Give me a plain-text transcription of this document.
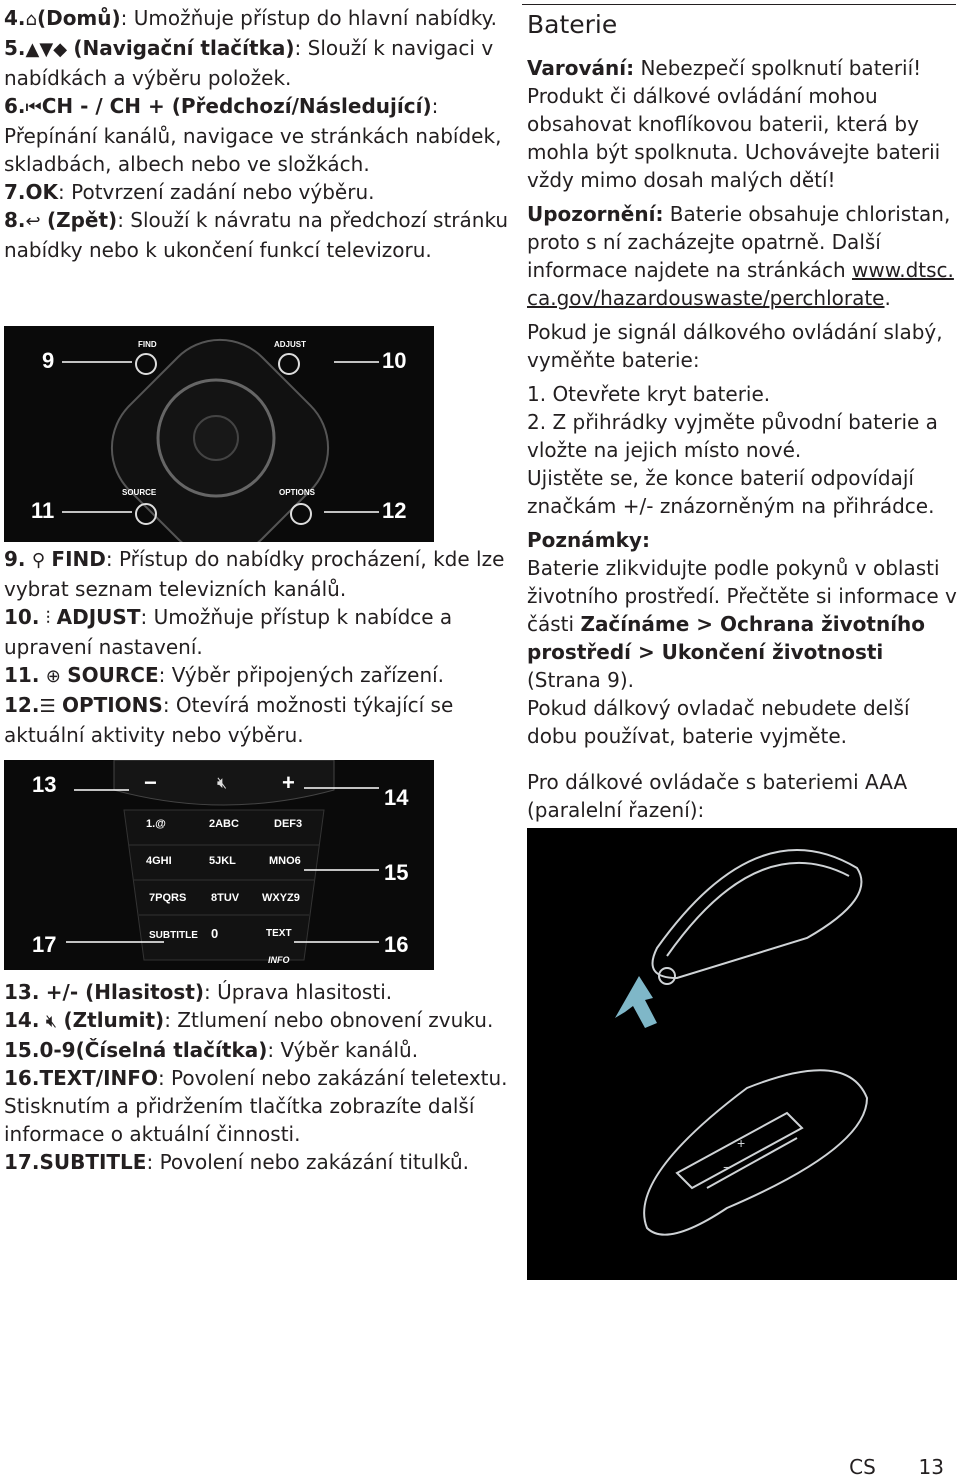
4.⌂(Domů): Umožňuje přístup do hlavní nabídky.

5.▲▼◆ (Navigační tlačítka): Slouží k navigaci v nabídkách a výběru položek.

6.⏮CH - / CH + (Předchozí/Následující): Přepínání kanálů, navigace ve stránkách nabídek, skladbách, albech nebo ve složkách.

7.OK: Potvrzení zadání nebo výběru.

8.↩ (Zpět): Slouží k návratu na předchozí stránku nabídky nebo k ukončení funkcí televizoru.

FIND	ADJUST
SOURCE	OPTIONS
9	10
11	12

9. ⚲ FIND: Přístup do nabídky procházení, kde lze vybrat seznam televizních kanálů.

10. ⫶ ADJUST: Umožňuje přístup k nabídce a upravení nastavení.

11. ⊕ SOURCE: Výběr připojených zařízení.

12.☰ OPTIONS: Otevírá možnosti týkající se aktuální aktivity nebo výběru.

🔇︎
−	+
1.@	2ABC	DEF3
4GHI	5JKL	MNO6
7PQRS 8TUV WXYZ9
SUBTITLE 0	TEXT
INFO
13
14
15
16
17

13. +/- (Hlasitost): Úprava hlasitosti.

14. 🔇︎ (Ztlumit): Ztlumení nebo obnovení zvuku.

15.0-9(Číselná tlačítka): Výběr kanálů.

16.TEXT/INFO: Povolení nebo zakázání teletextu. Stisknutím a přidržením tlačítka zobrazíte další informace o aktuální činnosti.

17.SUBTITLE: Povolení nebo zakázání titulků.

Baterie

Varování: Nebezpečí spolknutí baterií! Produkt či dálkové ovládání mohou obsahovat knoflíkovou baterii, která by mohla být spolknuta. Uchovávejte baterii vždy mimo dosah malých dětí!

Upozornění: Baterie obsahuje chloristan, proto s ní zacházejte opatrně. Další informace najdete na stránkách www.dtsc.ca.gov/hazardouswaste/perchlorate.

Pokud je signál dálkového ovládání slabý, vyměňte baterie:

1. Otevřete kryt baterie.

2. Z přihrádky vyjměte původní baterie a vložte na jejich místo nové.

Ujistěte se, že konce baterií odpovídají značkám +/- znázorněným na přihrádce.

Poznámky:

Baterie zlikvidujte podle pokynů v oblasti životního prostředí. Přečtěte si informace v části Začínáme > Ochrana životního prostředí > Ukončení životnosti (Strana 9).

Pokud dálkový ovladač nebudete delší dobu používat, baterie vyjměte.

Pro dálkové ovládače s bateriemi AAA (paralelní řazení):

+
−
CS 13
